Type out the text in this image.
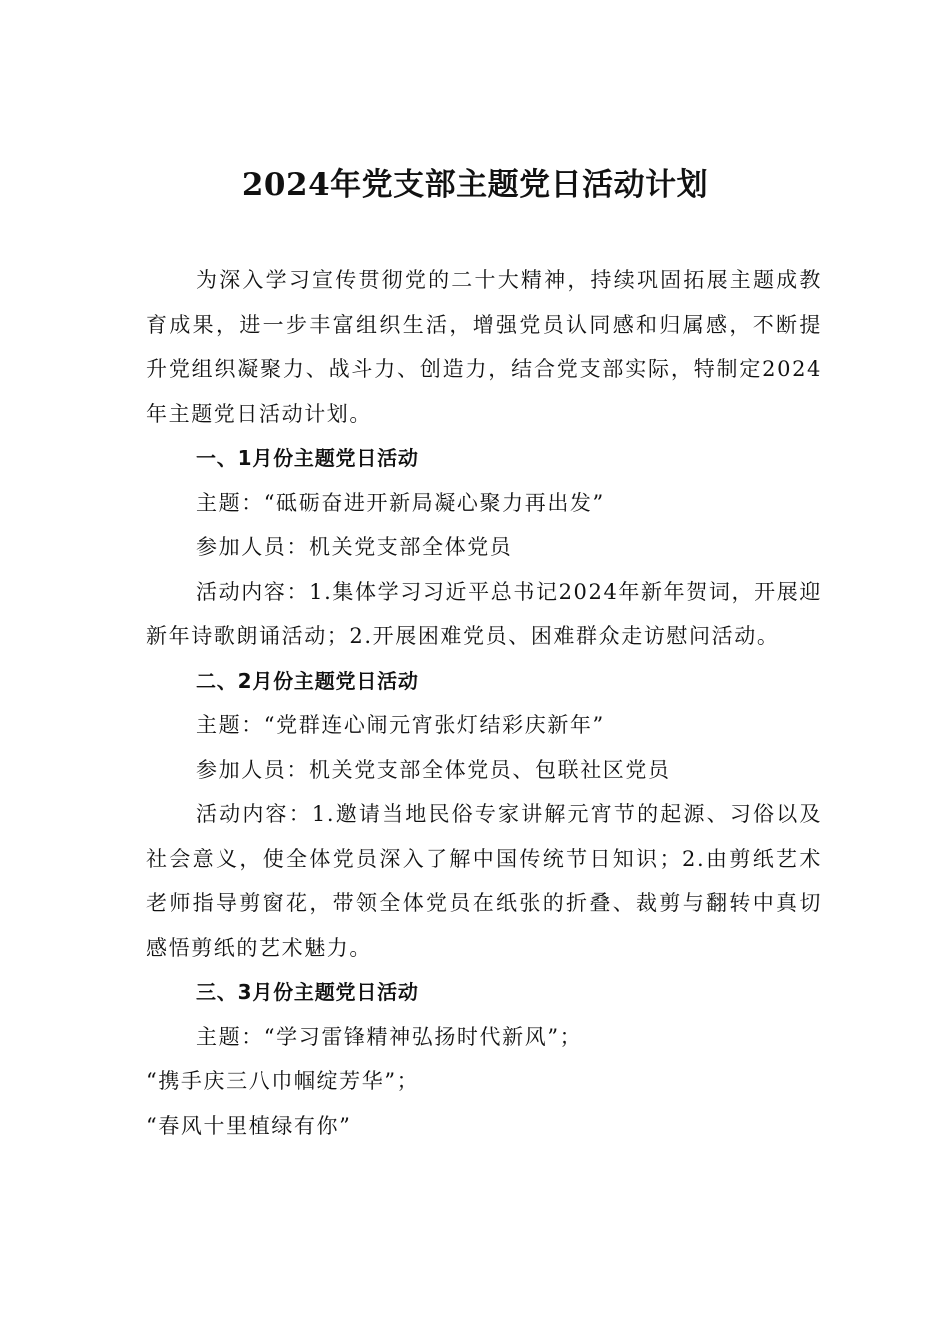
2024年党支部主题党日活动计划

为深入学习宣传贯彻党的二十大精神，持续巩固拓展主题成教育成果，进一步丰富组织生活，增强党员认同感和归属感，不断提升党组织凝聚力、战斗力、创造力，结合党支部实际，特制定2024年主题党日活动计划。

一、1月份主题党日活动

主题：“砥砺奋进开新局凝心聚力再出发”

参加人员：机关党支部全体党员

活动内容：1.集体学习习近平总书记2024年新年贺词，开展迎新年诗歌朗诵活动；2.开展困难党员、困难群众走访慰问活动。

二、2月份主题党日活动

主题：“党群连心闹元宵张灯结彩庆新年”

参加人员：机关党支部全体党员、包联社区党员

活动内容：1.邀请当地民俗专家讲解元宵节的起源、习俗以及社会意义，使全体党员深入了解中国传统节日知识；2.由剪纸艺术老师指导剪窗花，带领全体党员在纸张的折叠、裁剪与翻转中真切感悟剪纸的艺术魅力。

三、3月份主题党日活动

主题：“学习雷锋精神弘扬时代新风”；

“携手庆三八巾帼绽芳华”；

“春风十里植绿有你”
